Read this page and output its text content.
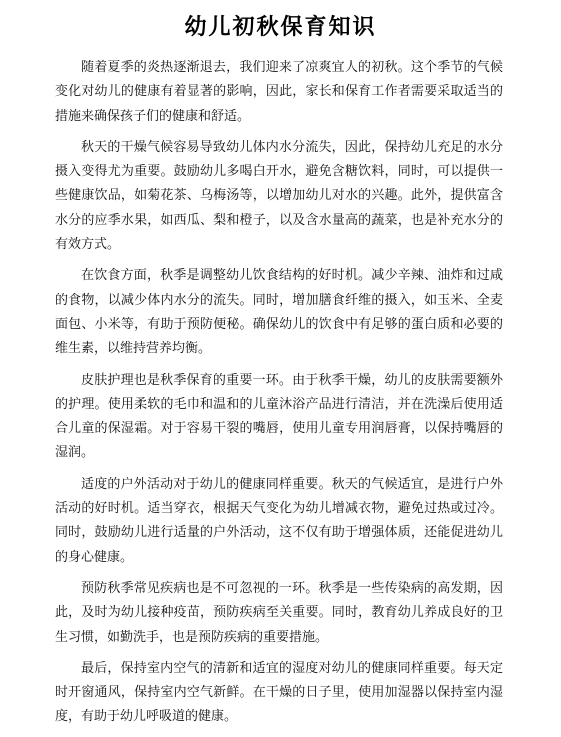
幼儿初秋保育知识

随着夏季的炎热逐渐退去，我们迎来了凉爽宜人的初秋。这个季节的气候变化对幼儿的健康有着显著的影响，因此，家长和保育工作者需要采取适当的措施来确保孩子们的健康和舒适。

秋天的干燥气候容易导致幼儿体内水分流失，因此，保持幼儿充足的水分摄入变得尤为重要。鼓励幼儿多喝白开水，避免含糖饮料，同时，可以提供一些健康饮品，如菊花茶、乌梅汤等，以增加幼儿对水的兴趣。此外，提供富含水分的应季水果，如西瓜、梨和橙子，以及含水量高的蔬菜，也是补充水分的有效方式。

在饮食方面，秋季是调整幼儿饮食结构的好时机。减少辛辣、油炸和过咸的食物，以减少体内水分的流失。同时，增加膳食纤维的摄入，如玉米、全麦面包、小米等，有助于预防便秘。确保幼儿的饮食中有足够的蛋白质和必要的维生素，以维持营养均衡。

皮肤护理也是秋季保育的重要一环。由于秋季干燥，幼儿的皮肤需要额外的护理。使用柔软的毛巾和温和的儿童沐浴产品进行清洁，并在洗澡后使用适合儿童的保湿霜。对于容易干裂的嘴唇，使用儿童专用润唇膏，以保持嘴唇的湿润。

适度的户外活动对于幼儿的健康同样重要。秋天的气候适宜，是进行户外活动的好时机。适当穿衣，根据天气变化为幼儿增减衣物，避免过热或过冷。同时，鼓励幼儿进行适量的户外活动，这不仅有助于增强体质，还能促进幼儿的身心健康。

预防秋季常见疾病也是不可忽视的一环。秋季是一些传染病的高发期，因此，及时为幼儿接种疫苗，预防疾病至关重要。同时，教育幼儿养成良好的卫生习惯，如勤洗手，也是预防疾病的重要措施。

最后，保持室内空气的清新和适宜的湿度对幼儿的健康同样重要。每天定时开窗通风，保持室内空气新鲜。在干燥的日子里，使用加湿器以保持室内湿度，有助于幼儿呼吸道的健康。
